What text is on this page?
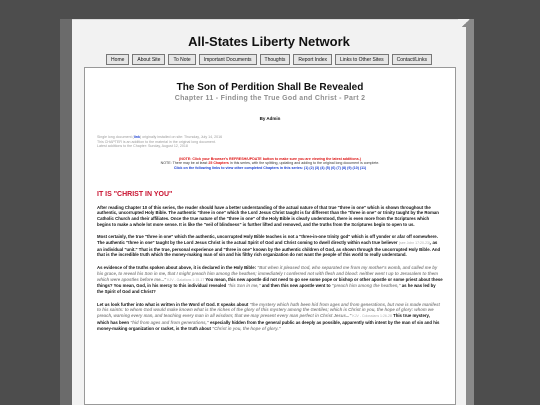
All-States Liberty Network
Home	About Site	To Note	Important Documents	Thoughts	Report Index	Links to Other Sites	Contact/Links
The Son of Perdition Shall Be Revealed
Chapter 11 - Finding the True God and Christ - Part 2
By Admin
Single long document (link) originally installed on site: Thursday, July 14, 2016
This CHAPTER is an addition to the material in the original long document.
Latest additions to the Chapter: Sunday, August 12, 2018
(NOTE: Click your Browser's REFRESH/UPDATE button to make sure you are viewing the latest additions.)
NOTE: There may be at least 25 Chapters in this series, with the splitting, updating and adding to the original long document is complete.
Click on the following links to view other completed Chapters in this series: (1) (2) (3) (4) (5) (6) (7) (8) (9) (10) (11)
IT IS "CHRIST IN YOU"

After reading Chapter 10 of this series, the reader should have a better understanding of the actual nature of that true "three in one" which is shown throughout the authentic, uncorrupted Holy Bible. The authentic "three in one" which the Lord Jesus Christ taught is far different than the "three in one" or trinity taught by the Roman Catholic Church and their affiliates. Once the true nature of the "three in one" of the Holy Bible is clearly understood, there is even more from the Scriptures which begins to make a whole lot more sense. It is like the "veil of blindness" is further lifted and removed, and the truths from the Scriptures begin to open to us.

Most certainly, the true "three in one" which the authentic, uncorrupted Holy Bible teaches is not a "three-in-one trinity god" which is off yonder or afar off somewhere. The authentic "three in one" taught by the Lord Jesus Christ is the actual Spirit of God and Christ coming to dwell directly within each true believer (see John 17:20-23), as an individual "unit." That is the true, personal experience and "three in one" known by the authentic children of God, as shown through the uncorrupted Holy Bible. And that is the incredible truth which the money-making man of sin and his filthy rich organization do not want the people of this world to really understand.

As evidence of the truths spoken about above, it is declared in the Holy Bible: "But when it pleased God, who separated me from my mother's womb, and called me by his grace, to reveal his Son in me, that I might preach him among the heathen; immediately I conferred not with flesh and blood: neither went I up to Jerusalem to them which were apostles before me..." KJV - Galatians 1:15-17 You mean, this new apostle did not need to go see some pope or bishop or other apostle or some priest about these things? You mean, God, in his mercy to this individual revealed "his Son in me," and then this new apostle went to "preach him among the heathen," as he was led by the Spirit of God and Christ?

Let us look further into what is written in the Word of God. It speaks about "the mystery which hath been hid from ages and from generations, but now is made manifest to his saints: to whom God would make known what is the riches of the glory of this mystery among the Gentiles; which is Christ in you, the hope of glory: whom we preach, warning every man, and teaching every man in all wisdom; that we may present every man perfect in Christ Jesus..." KJV - Colossians 1:26-28 This true mystery, which has been "hid from ages and from generations," especially hidden from the general public as deeply as possible, apparently with intent by the man of sin and his money-making organization or racket, is the truth about "Christ in you, the hope of glory."
